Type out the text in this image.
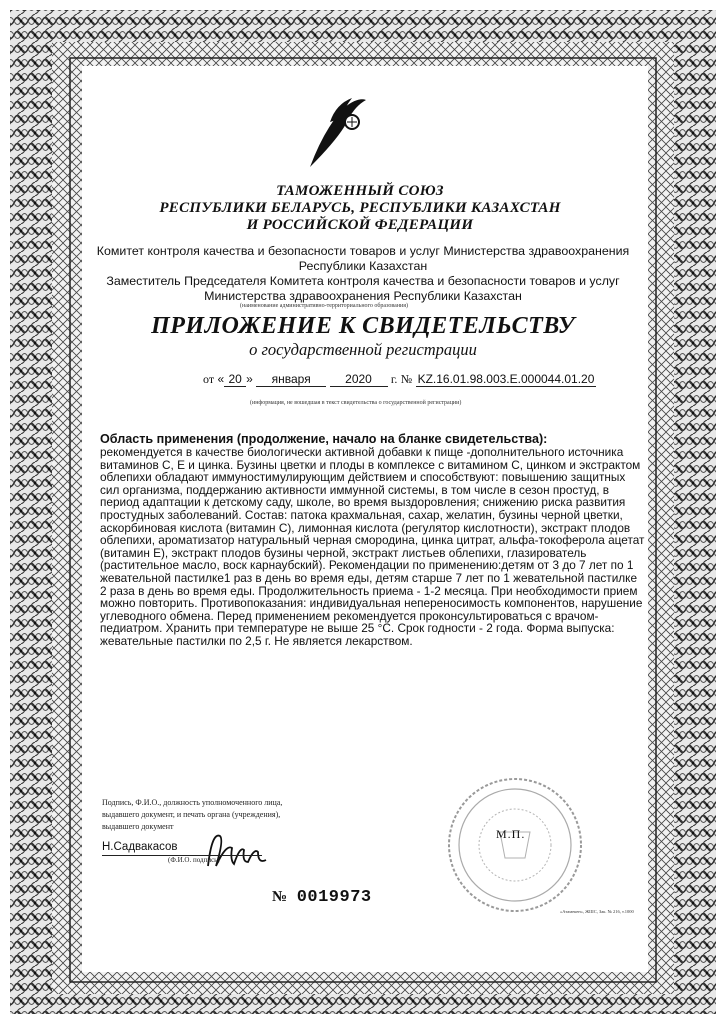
ТАМОЖЕННЫЙ СОЮЗ
РЕСПУБЛИКИ БЕЛАРУСЬ, РЕСПУБЛИКИ КАЗАХСТАН
И РОССИЙСКОЙ ФЕДЕРАЦИИ
Комитет контроля качества и безопасности товаров и услуг Министерства здравоохранения
Республики Казахстан
Заместитель Председателя Комитета контроля качества и безопасности товаров и услуг
Министерства здравоохранения Республики Казахстан
(наименование административно-территориального образования)
ПРИЛОЖЕНИЕ К СВИДЕТЕЛЬСТВУ
о государственной регистрации
от « 20 » января	2020 г. № KZ.16.01.98.003.E.000044.01.20
(информация, не вошедшая в текст свидетельства о государственной регистрации)
Область применения (продолжение, начало на бланке свидетельства):
рекомендуется в качестве биологически активной добавки к пище -дополнительного источника
витаминов С, Е и цинка. Бузины цветки и плоды в комплексе с витамином С, цинком и экстрактом
облепихи обладают иммуностимулирующим действием и способствуют: повышению защитных
сил организма, поддержанию активности иммунной системы, в том числе в сезон простуд, в
период адаптации к детскому саду, школе, во время выздоровления; снижению риска развития
простудных заболеваний. Состав: патока крахмальная, сахар, желатин, бузины черной цветки,
аскорбиновая кислота (витамин С), лимонная кислота (регулятор кислотности), экстракт плодов
облепихи, ароматизатор натуральный черная смородина, цинка цитрат, альфа-токоферола ацетат
(витамин Е), экстракт плодов бузины черной, экстракт листьев облепихи, глазирователь
(растительное масло, воск карнаубский). Рекомендации по применению:детям от 3 до 7 лет по 1
жевательной пастилке1 раз в день во время еды, детям старше 7 лет по 1 жевательной пастилке
2 раза в день во время еды. Продолжительность приема - 1-2 месяца. При необходимости прием
можно повторить. Противопоказания: индивидуальная непереносимость компонентов, нарушение
углеводного обмена. Перед применением рекомендуется проконсультироваться с врачом-
педиатром. Хранить при температуре не выше 25 °С. Срок годности - 2 года. Форма выпуска:
жевательные пастилки по 2,5 г. Не является лекарством.
Подпись, Ф.И.О., должность уполномоченного лица,
выдавшего документ, и печать органа (учреждения),
выдавшего документ
Н.Садвакасов
(Ф.И.О. подпись)
М.П.
№ 0019973
«Атамекен», ЖШС, Зак. № 216, т.1000
